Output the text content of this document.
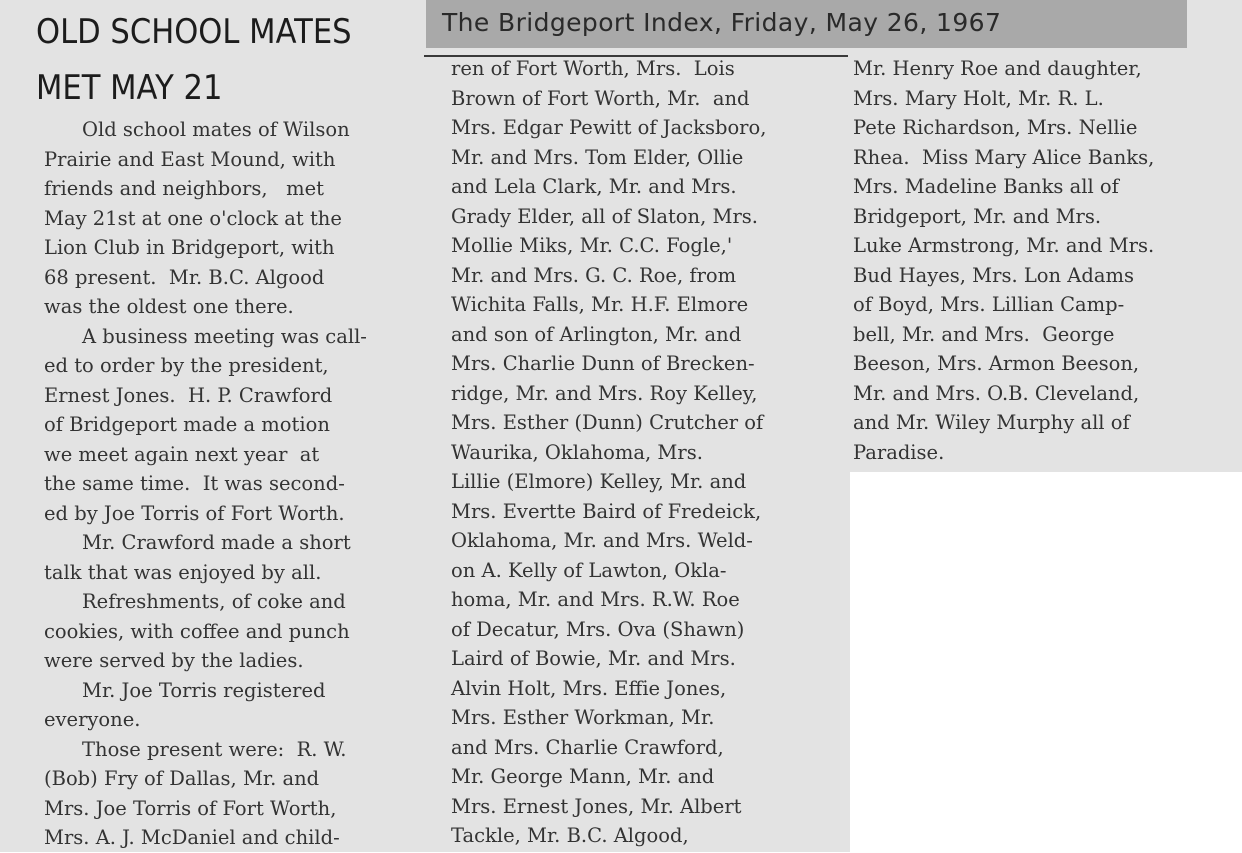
The Bridgeport Index, Friday, May 26, 1967
OLD SCHOOL MATES
MET MAY 21
Old school mates of Wilson
Prairie and East Mound, with
friends and neighbors,   met
May 21st at one o'clock at the
Lion Club in Bridgeport, with
68 present.  Mr. B.C. Algood
was the oldest one there.
A business meeting was call-
ed to order by the president,
Ernest Jones.  H. P. Crawford
of Bridgeport made a motion
we meet again next year  at
the same time.  It was second-
ed by Joe Torris of Fort Worth.
Mr. Crawford made a short
talk that was enjoyed by all.
Refreshments, of coke and
cookies, with coffee and punch
were served by the ladies.
Mr. Joe Torris registered
everyone.
Those present were:  R. W.
(Bob) Fry of Dallas, Mr. and
Mrs. Joe Torris of Fort Worth,
Mrs. A. J. McDaniel and child-
ren of Fort Worth, Mrs.  Lois
Brown of Fort Worth, Mr.  and
Mrs. Edgar Pewitt of Jacksboro,
Mr. and Mrs. Tom Elder, Ollie
and Lela Clark, Mr. and Mrs.
Grady Elder, all of Slaton, Mrs.
Mollie Miks, Mr. C.C. Fogle,'
Mr. and Mrs. G. C. Roe, from
Wichita Falls, Mr. H.F. Elmore
and son of Arlington, Mr. and
Mrs. Charlie Dunn of Brecken-
ridge, Mr. and Mrs. Roy Kelley,
Mrs. Esther (Dunn) Crutcher of
Waurika, Oklahoma, Mrs.
Lillie (Elmore) Kelley, Mr. and
Mrs. Evertte Baird of Fredeick,
Oklahoma, Mr. and Mrs. Weld-
on A. Kelly of Lawton, Okla-
homa, Mr. and Mrs. R.W. Roe
of Decatur, Mrs. Ova (Shawn)
Laird of Bowie, Mr. and Mrs.
Alvin Holt, Mrs. Effie Jones,
Mrs. Esther Workman, Mr.
and Mrs. Charlie Crawford,
Mr. George Mann, Mr. and
Mrs. Ernest Jones, Mr. Albert
Tackle, Mr. B.C. Algood,
Mr. Henry Roe and daughter,
Mrs. Mary Holt, Mr. R. L.
Pete Richardson, Mrs. Nellie
Rhea.  Miss Mary Alice Banks,
Mrs. Madeline Banks all of
Bridgeport, Mr. and Mrs.
Luke Armstrong, Mr. and Mrs.
Bud Hayes, Mrs. Lon Adams
of Boyd, Mrs. Lillian Camp-
bell, Mr. and Mrs.  George
Beeson, Mrs. Armon Beeson,
Mr. and Mrs. O.B. Cleveland,
and Mr. Wiley Murphy all of
Paradise.
